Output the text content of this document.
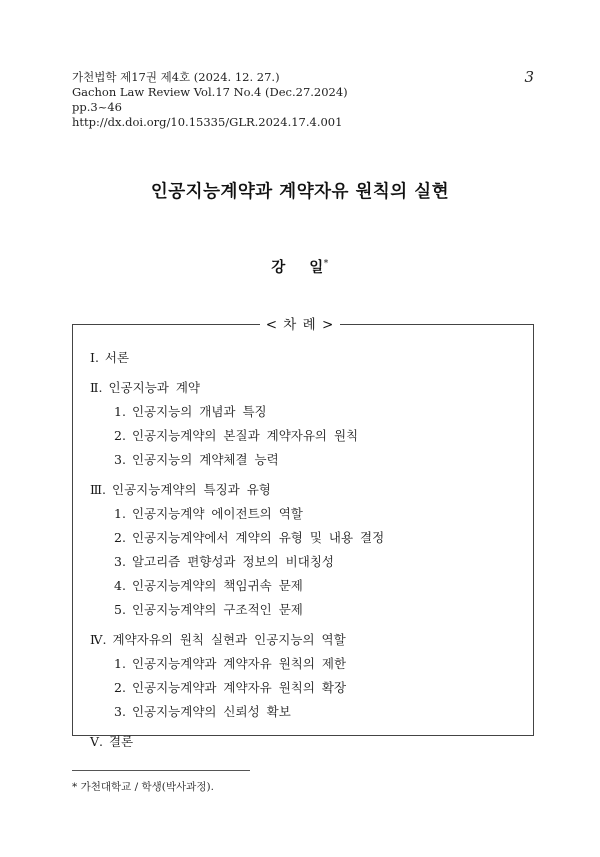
가천법학 제17권 제4호 (2024. 12. 27.)
Gachon Law Review Vol.17 No.4 (Dec.27.2024)
pp.3~46
http://dx.doi.org/10.15335/GLR.2024.17.4.001
3
인공지능계약과 계약자유 원칙의 실현
강 일*
< 차 례 >
Ⅰ. 서론
Ⅱ. 인공지능과 계약
1. 인공지능의 개념과 특징
2. 인공지능계약의 본질과 계약자유의 원칙
3. 인공지능의 계약체결 능력
Ⅲ. 인공지능계약의 특징과 유형
1. 인공지능계약 에이전트의 역할
2. 인공지능계약에서 계약의 유형 및 내용 결정
3. 알고리즘 편향성과 정보의 비대칭성
4. 인공지능계약의 책임귀속 문제
5. 인공지능계약의 구조적인 문제
Ⅳ. 계약자유의 원칙 실현과 인공지능의 역할
1. 인공지능계약과 계약자유 원칙의 제한
2. 인공지능계약과 계약자유 원칙의 확장
3. 인공지능계약의 신뢰성 확보
Ⅴ. 결론
* 가천대학교 / 학생(박사과정).
